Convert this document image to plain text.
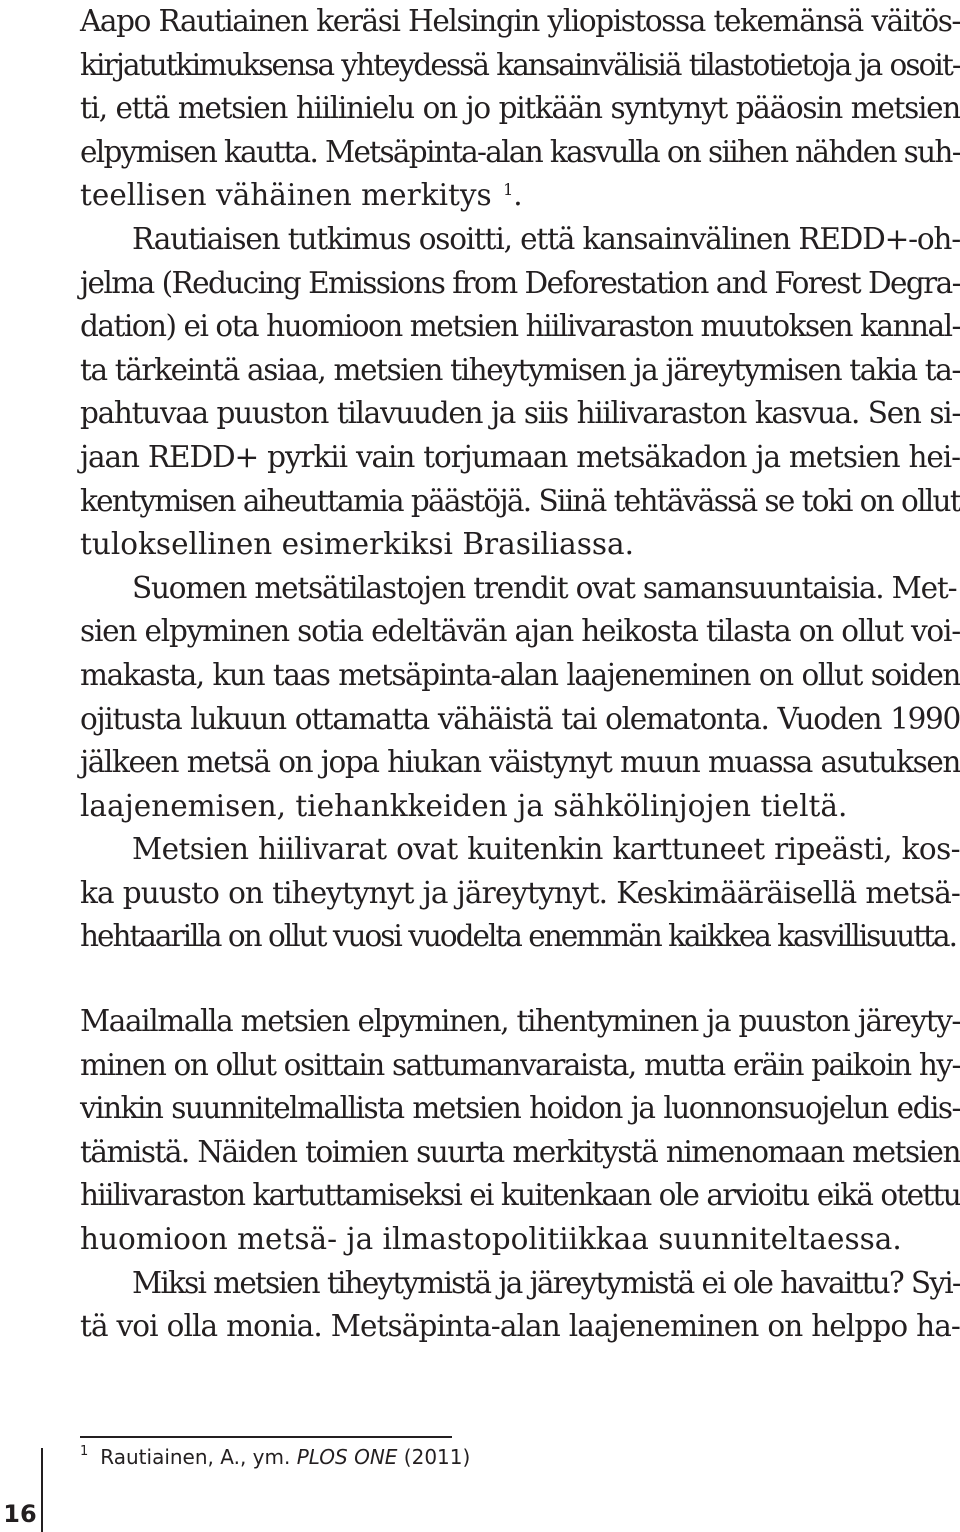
Aapo Rautiainen keräsi Helsingin yliopistossa tekemänsä väitös-
kirjatutkimuksensa yhteydessä kansainvälisiä tilastotietoja ja osoit-
ti, että metsien hiilinielu on jo pitkään syntynyt pääosin metsien
elpymisen kautta. Metsäpinta-alan kasvulla on siihen nähden suh-
teellisen vähäinen merkitys $^1$.
Rautiaisen tutkimus osoitti, että kansainvälinen REDD+-oh-
jelma (Reducing Emissions from Deforestation and Forest Degra-
dation) ei ota huomioon metsien hiilivaraston muutoksen kannal-
ta tärkeintä asiaa, metsien tiheytymisen ja järeytymisen takia ta-
pahtuvaa puuston tilavuuden ja siis hiilivaraston kasvua. Sen si-
jaan REDD+ pyrkii vain torjumaan metsäkadon ja metsien hei-
kentymisen aiheuttamia päästöjä. Siinä tehtävässä se toki on ollut
tuloksellinen esimerkiksi Brasiliassa.
Suomen metsätilastojen trendit ovat samansuuntaisia. Met-
sien elpyminen sotia edeltävän ajan heikosta tilasta on ollut voi-
makasta, kun taas metsäpinta-alan laajeneminen on ollut soiden
ojitusta lukuun ottamatta vähäistä tai olematonta. Vuoden 1990
jälkeen metsä on jopa hiukan väistynyt muun muassa asutuksen
laajenemisen, tiehankkeiden ja sähkölinjojen tieltä.
Metsien hiilivarat ovat kuitenkin karttuneet ripeästi, kos-
ka puusto on tiheytynyt ja järeytynyt. Keskimääräisellä metsä-
hehtaarilla on ollut vuosi vuodelta enemmän kaikkea kasvillisuutta.
Maailmalla metsien elpyminen, tihentyminen ja puuston järeyty-
minen on ollut osittain sattumanvaraista, mutta eräin paikoin hy-
vinkin suunnitelmallista metsien hoidon ja luonnonsuojelun edis-
tämistä. Näiden toimien suurta merkitystä nimenomaan metsien
hiilivaraston kartuttamiseksi ei kuitenkaan ole arvioitu eikä otettu
huomioon metsä- ja ilmastopolitiikkaa suunniteltaessa.
Miksi metsien tiheytymistä ja järeytymistä ei ole havaittu? Syi-
tä voi olla monia. Metsäpinta-alan laajeneminen on helppo ha-
$^1$ Rautiainen, A., ym. PLOS ONE (2011)
16
